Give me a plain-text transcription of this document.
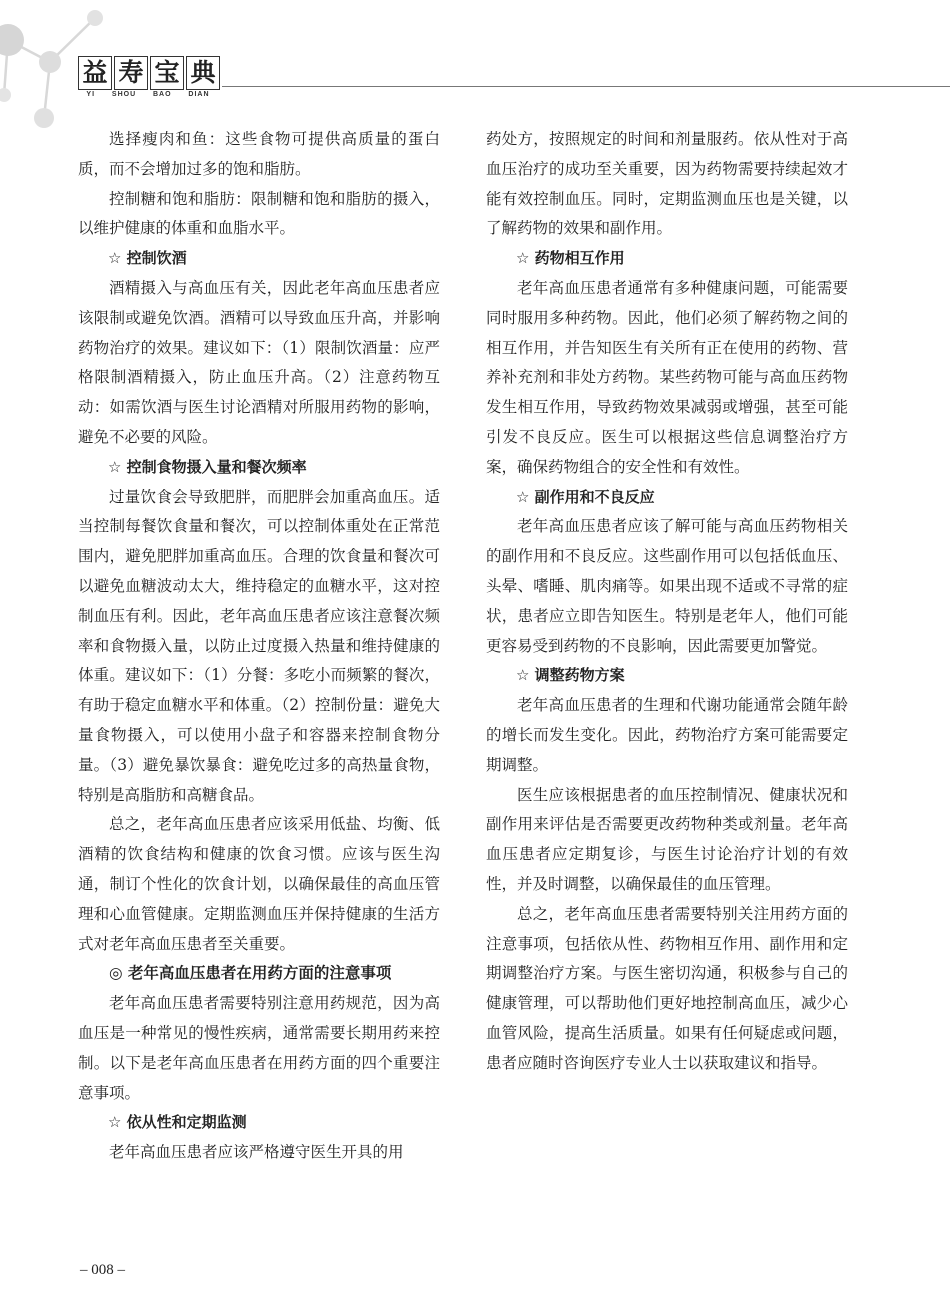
益 寿 宝 典
YI SHOU BAO DIAN

选择瘦肉和鱼：这些食物可提供高质量的蛋白质，而不会增加过多的饱和脂肪。

控制糖和饱和脂肪：限制糖和饱和脂肪的摄入，以维护健康的体重和血脂水平。

☆ 控制饮酒

酒精摄入与高血压有关，因此老年高血压患者应该限制或避免饮酒。酒精可以导致血压升高，并影响药物治疗的效果。建议如下：（1）限制饮酒量：应严格限制酒精摄入，防止血压升高。（2）注意药物互动：如需饮酒与医生讨论酒精对所服用药物的影响，避免不必要的风险。

☆ 控制食物摄入量和餐次频率

过量饮食会导致肥胖，而肥胖会加重高血压。适当控制每餐饮食量和餐次，可以控制体重处在正常范围内，避免肥胖加重高血压。合理的饮食量和餐次可以避免血糖波动太大，维持稳定的血糖水平，这对控制血压有利。因此，老年高血压患者应该注意餐次频率和食物摄入量，以防止过度摄入热量和维持健康的体重。建议如下：（1）分餐：多吃小而频繁的餐次，有助于稳定血糖水平和体重。（2）控制份量：避免大量食物摄入，可以使用小盘子和容器来控制食物分量。（3）避免暴饮暴食：避免吃过多的高热量食物，特别是高脂肪和高糖食品。

总之，老年高血压患者应该采用低盐、均衡、低酒精的饮食结构和健康的饮食习惯。应该与医生沟通，制订个性化的饮食计划，以确保最佳的高血压管理和心血管健康。定期监测血压并保持健康的生活方式对老年高血压患者至关重要。

◎ 老年高血压患者在用药方面的注意事项

老年高血压患者需要特别注意用药规范，因为高血压是一种常见的慢性疾病，通常需要长期用药来控制。以下是老年高血压患者在用药方面的四个重要注意事项。

☆ 依从性和定期监测

老年高血压患者应该严格遵守医生开具的用

药处方，按照规定的时间和剂量服药。依从性对于高血压治疗的成功至关重要，因为药物需要持续起效才能有效控制血压。同时，定期监测血压也是关键，以了解药物的效果和副作用。

☆ 药物相互作用

老年高血压患者通常有多种健康问题，可能需要同时服用多种药物。因此，他们必须了解药物之间的相互作用，并告知医生有关所有正在使用的药物、营养补充剂和非处方药物。某些药物可能与高血压药物发生相互作用，导致药物效果减弱或增强，甚至可能引发不良反应。医生可以根据这些信息调整治疗方案，确保药物组合的安全性和有效性。

☆ 副作用和不良反应

老年高血压患者应该了解可能与高血压药物相关的副作用和不良反应。这些副作用可以包括低血压、头晕、嗜睡、肌肉痛等。如果出现不适或不寻常的症状，患者应立即告知医生。特别是老年人，他们可能更容易受到药物的不良影响，因此需要更加警觉。

☆ 调整药物方案

老年高血压患者的生理和代谢功能通常会随年龄的增长而发生变化。因此，药物治疗方案可能需要定期调整。

医生应该根据患者的血压控制情况、健康状况和副作用来评估是否需要更改药物种类或剂量。老年高血压患者应定期复诊，与医生讨论治疗计划的有效性，并及时调整，以确保最佳的血压管理。

总之，老年高血压患者需要特别关注用药方面的注意事项，包括依从性、药物相互作用、副作用和定期调整治疗方案。与医生密切沟通，积极参与自己的健康管理，可以帮助他们更好地控制高血压，减少心血管风险，提高生活质量。如果有任何疑虑或问题，患者应随时咨询医疗专业人士以获取建议和指导。

– 008 –
